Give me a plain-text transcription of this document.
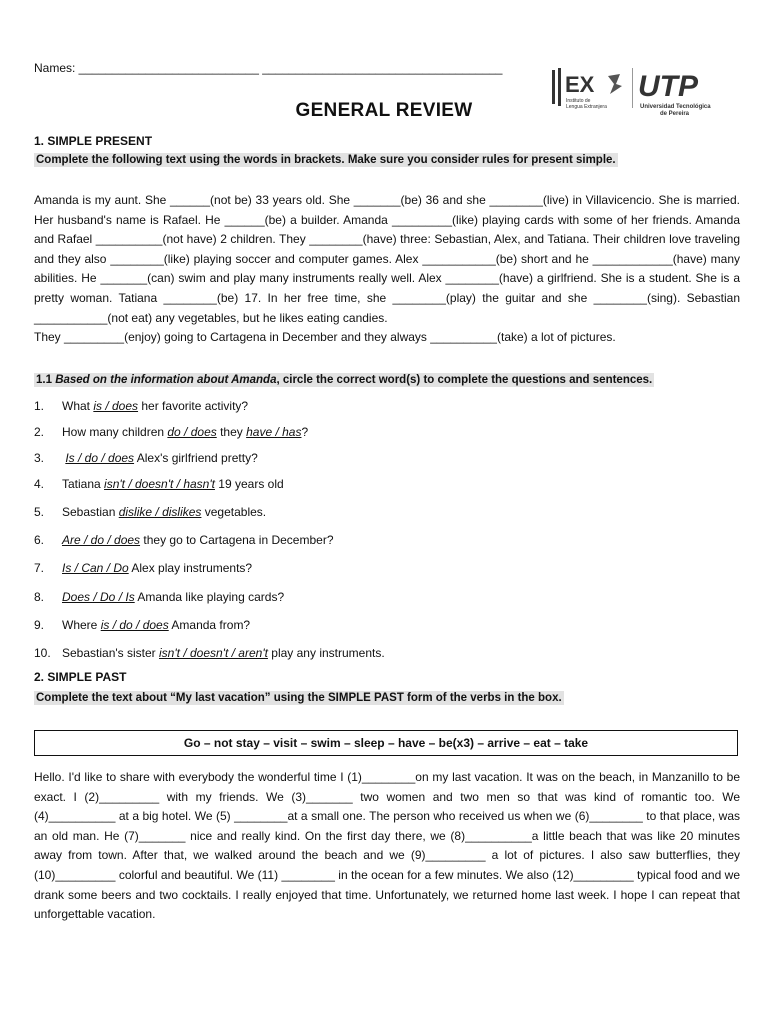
Names: ___________________________ ____________________________________
EX
Instituto de
Lengua Extranjera
UTP
Universidad Tecnológica
de Pereira
GENERAL REVIEW
1. SIMPLE PRESENT
Complete the following text using the words in brackets. Make sure you consider rules for present simple.

Amanda is my aunt. She ______(not be) 33 years old. She _______(be) 36 and she ________(live) in Villavicencio. She is married. Her husband's name is Rafael. He ______(be) a builder. Amanda _________(like) playing cards with some of her friends. Amanda and Rafael __________(not have) 2 children. They ________(have) three: Sebastian, Alex, and Tatiana. Their children love traveling and they also ________(like) playing soccer and computer games. Alex ___________(be) short and he ____________(have) many abilities. He _______(can) swim and play many instruments really well. Alex ________(have) a girlfriend. She is a student. She is a pretty woman. Tatiana ________(be) 17. In her free time, she ________(play) the guitar and she ________(sing). Sebastian ___________(not eat) any vegetables, but he likes eating candies.

They _________(enjoy) going to Cartagena in December and they always __________(take) a lot of pictures.

1.1 Based on the information about Amanda, circle the correct word(s) to complete the questions and sentences.
1. What is / does her favorite activity?
2. How many children do / does they have / has?
3. Is / do / does Alex's girlfriend pretty?
4. Tatiana isn't / doesn't / hasn't 19 years old
5. Sebastian dislike / dislikes vegetables.
6. Are / do / does they go to Cartagena in December?
7. Is / Can / Do Alex play instruments?
8. Does / Do / Is Amanda like playing cards?
9. Where is / do / does Amanda from?
10. Sebastian's sister isn't / doesn't / aren't play any instruments.
2. SIMPLE PAST
Complete the text about “My last vacation” using the SIMPLE PAST form of the verbs in the box.
Go – not stay – visit – swim – sleep – have – be(x3) – arrive – eat – take
Hello. I'd like to share with everybody the wonderful time I (1)________on my last vacation. It was on the beach, in Manzanillo to be exact. I (2)_________ with my friends. We (3)_______ two women and two men so that was kind of romantic too. We (4)__________ at a big hotel. We (5) ________at a small one. The person who received us when we (6)________ to that place, was an old man. He (7)_______ nice and really kind. On the first day there, we (8)__________a little beach that was like 20 minutes away from town. After that, we walked around the beach and we (9)_________ a lot of pictures. I also saw butterflies, they (10)_________ colorful and beautiful. We (11) ________ in the ocean for a few minutes. We also (12)_________ typical food and we drank some beers and two cocktails. I really enjoyed that time. Unfortunately, we returned home last week. I hope I can repeat that unforgettable vacation.
